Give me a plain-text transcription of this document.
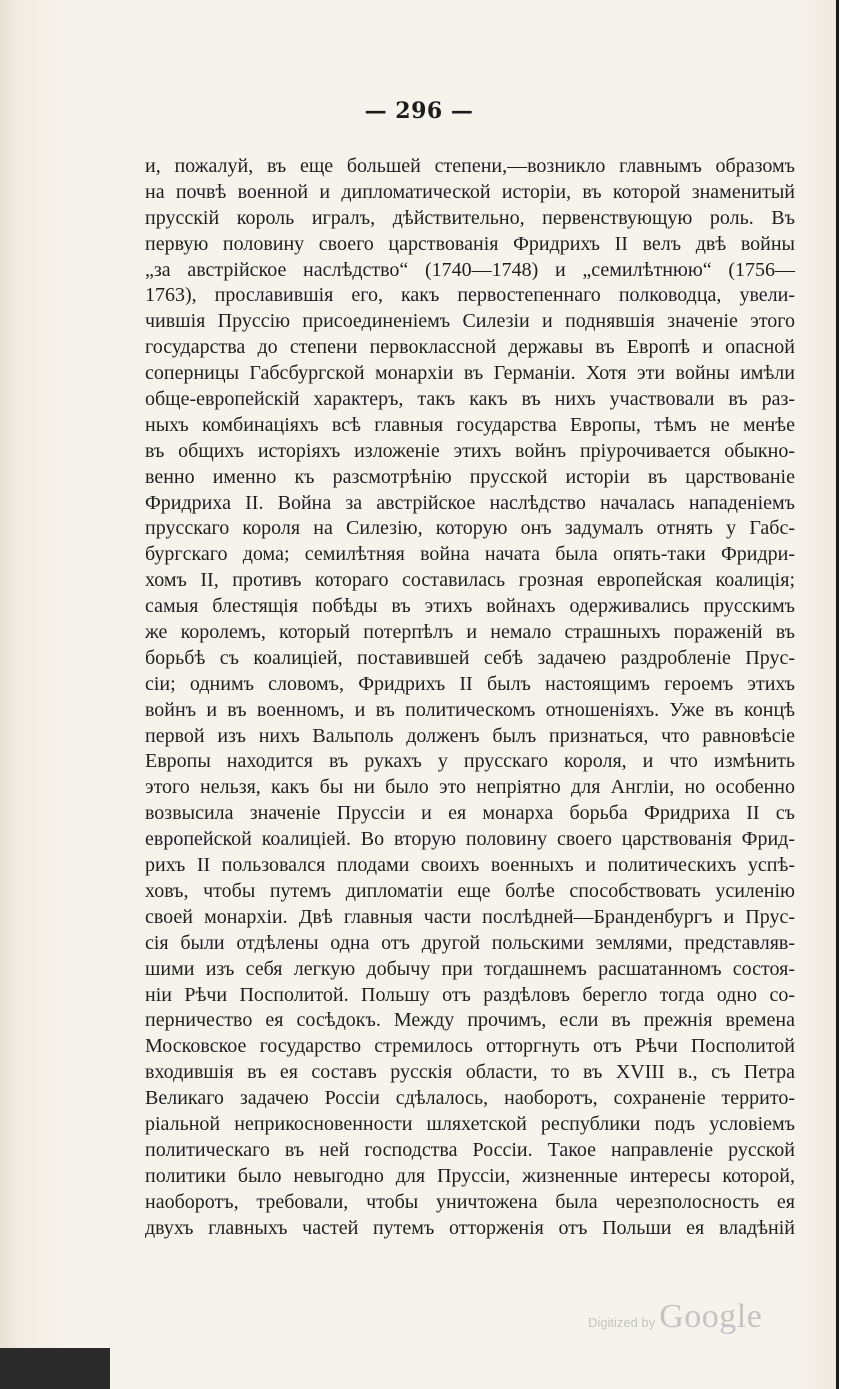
— 296 —
и, пожалуй, въ еще большей степени,—возникло главнымъ образомъ
на почвѣ военной и дипломатической исторіи, въ которой знаменитый
прусскій король игралъ, дѣйствительно, первенствующую роль. Въ
первую половину своего царствованія Фридрихъ II велъ двѣ войны
„за австрійское наслѣдство“ (1740—1748) и „семилѣтнюю“ (1756—
1763), прославившія его, какъ первостепеннаго полководца, увели-
чившія Пруссію присоединеніемъ Силезіи и поднявшія значеніе этого
государства до степени первоклассной державы въ Европѣ и опасной
соперницы Габсбургской монархіи въ Германіи. Хотя эти войны имѣли
обще-европейскій характеръ, такъ какъ въ нихъ участвовали въ раз-
ныхъ комбинаціяхъ всѣ главныя государства Европы, тѣмъ не менѣе
въ общихъ исторіяхъ изложеніе этихъ войнъ пріурочивается обыкно-
венно именно къ разсмотрѣнію прусской исторіи въ царствованіе
Фридриха II. Война за австрійское наслѣдство началась нападеніемъ
прусскаго короля на Силезію, которую онъ задумалъ отнять у Габс-
бургскаго дома; семилѣтняя война начата была опять-таки Фридри-
хомъ II, противъ котораго составилась грозная европейская коалиція;
самыя блестящія побѣды въ этихъ войнахъ одерживались прусскимъ
же королемъ, который потерпѣлъ и немало страшныхъ пораженій въ
борьбѣ съ коалиціей, поставившей себѣ задачею раздробленіе Прус-
сіи; однимъ словомъ, Фридрихъ II былъ настоящимъ героемъ этихъ
войнъ и въ военномъ, и въ политическомъ отношеніяхъ. Уже въ концѣ
первой изъ нихъ Вальполь долженъ былъ признаться, что равновѣсіе
Европы находится въ рукахъ у прусскаго короля, и что измѣнить
этого нельзя, какъ бы ни было это непріятно для Англіи, но особенно
возвысила значеніе Пруссіи и ея монарха борьба Фридриха II съ
европейской коалиціей. Во вторую половину своего царствованія Фрид-
рихъ II пользовался плодами своихъ военныхъ и политическихъ успѣ-
ховъ, чтобы путемъ дипломатіи еще болѣе способствовать усиленію
своей монархіи. Двѣ главныя части послѣдней—Бранденбургъ и Прус-
сія были отдѣлены одна отъ другой польскими землями, представляв-
шими изъ себя легкую добычу при тогдашнемъ расшатанномъ состоя-
ніи Рѣчи Посполитой. Польшу отъ раздѣловъ берегло тогда одно со-
перничество ея сосѣдокъ. Между прочимъ, если въ прежнія времена
Московское государство стремилось отторгнуть отъ Рѣчи Посполитой
входившія въ ея составъ русскія области, то въ XVIII в., съ Петра
Великаго задачею Россіи сдѣлалось, наоборотъ, сохраненіе террито-
ріальной неприкосновенности шляхетской республики подъ условіемъ
политическаго въ ней господства Россіи. Такое направленіе русской
политики было невыгодно для Пруссіи, жизненные интересы которой,
наоборотъ, требовали, чтобы уничтожена была черезполосность ея
двухъ главныхъ частей путемъ отторженія отъ Польши ея владѣній
Digitized by Google
